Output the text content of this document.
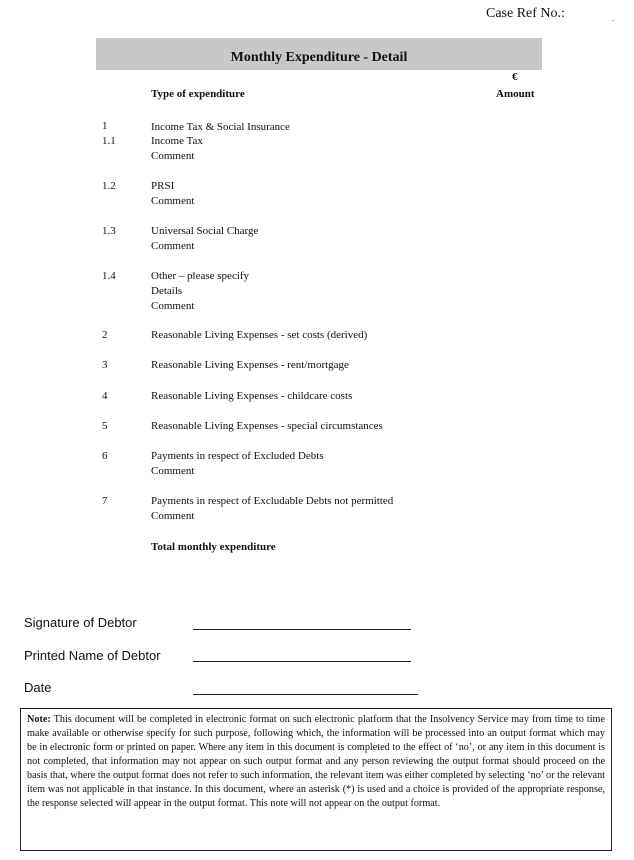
Case Ref No.:	.
Monthly Expenditure - Detail
€
Amount
Type of expenditure
1	Income Tax & Social Insurance
1.1	Income Tax
Comment
1.2	PRSI
Comment
1.3	Universal Social Charge
Comment
1.4	Other – please specify
Details
Comment
2	Reasonable Living Expenses - set costs (derived)
3	Reasonable Living Expenses - rent/mortgage
4	Reasonable Living Expenses - childcare costs
5	Reasonable Living Expenses - special circumstances
6	Payments in respect of Excluded Debts
Comment
7	Payments in respect of Excludable Debts not permitted
Comment
Total monthly expenditure
Signature of Debtor
Printed Name of Debtor
Date
Note: This document will be completed in electronic format on such electronic platform that the Insolvency Service may from time to time make available or otherwise specify for such purpose, following which, the information will be processed into an output format which may be in electronic form or printed on paper. Where any item in this document is completed to the effect of ‘no’, or any item in this document is not completed, that information may not appear on such output format and any person reviewing the output format should proceed on the basis that, where the output format does not refer to such information, the relevant item was either completed by selecting ‘no’ or the relevant item was not applicable in that instance. In this document, where an asterisk (*) is used and a choice is provided of the appropriate response, the response selected will appear in the output format. This note will not appear on the output format.
